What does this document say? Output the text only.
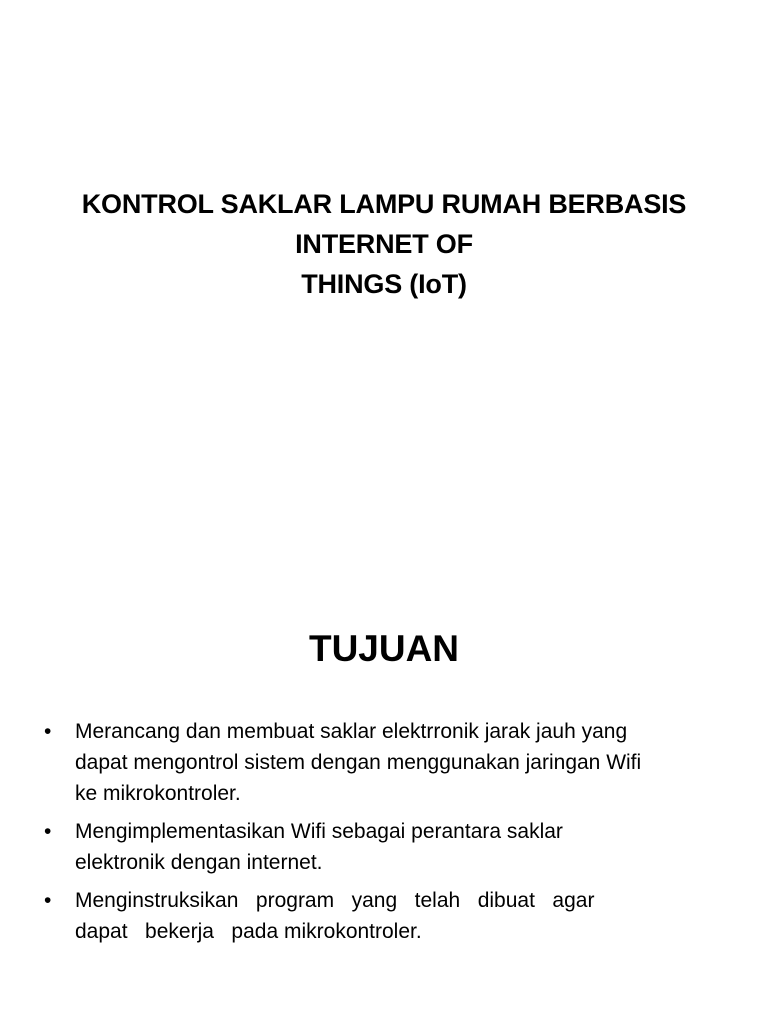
KONTROL SAKLAR LAMPU RUMAH BERBASIS
INTERNET OF
THINGS (IoT)
TUJUAN
•	Merancang dan membuat saklar elektrronik jarak jauh yang
dapat mengontrol sistem dengan menggunakan jaringan Wifi
ke mikrokontroler.
•	Mengimplementasikan Wifi sebagai perantara saklar
elektronik dengan internet.
•	Menginstruksikan   program   yang   telah   dibuat   agar
dapat   bekerja   pada mikrokontroler.
